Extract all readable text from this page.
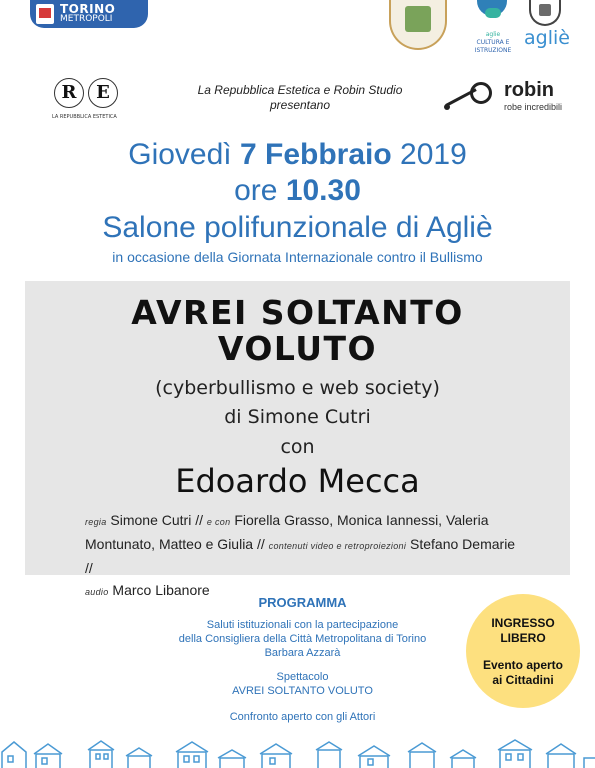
TORINO
METROPOLI
aglie
CULTURA E
ISTRUZIONE
agliè
R	E
LA REPUBBLICA ESTETICA
La Repubblica Estetica e Robin Studio
presentano
robin
robe incredibili
Giovedì 7 Febbraio 2019
ore 10.30
Salone polifunzionale di Agliè
in occasione della Giornata Internazionale contro il Bullismo
AVREI SOLTANTO
VOLUTO
(cyberbullismo e web society)
di Simone Cutri
con
Edoardo Mecca
regia Simone Cutri // e con Fiorella Grasso, Monica Iannessi, Valeria
Montunato, Matteo e Giulia // contenuti video e retroproiezioni Stefano Demarie //
audio Marco Libanore
PROGRAMMA
Saluti istituzionali con la partecipazione
della Consigliera della Città Metropolitana di Torino
Barbara Azzarà
Spettacolo
AVREI SOLTANTO VOLUTO
Confronto aperto con gli Attori
INGRESSO
LIBERO
Evento aperto
ai Cittadini
